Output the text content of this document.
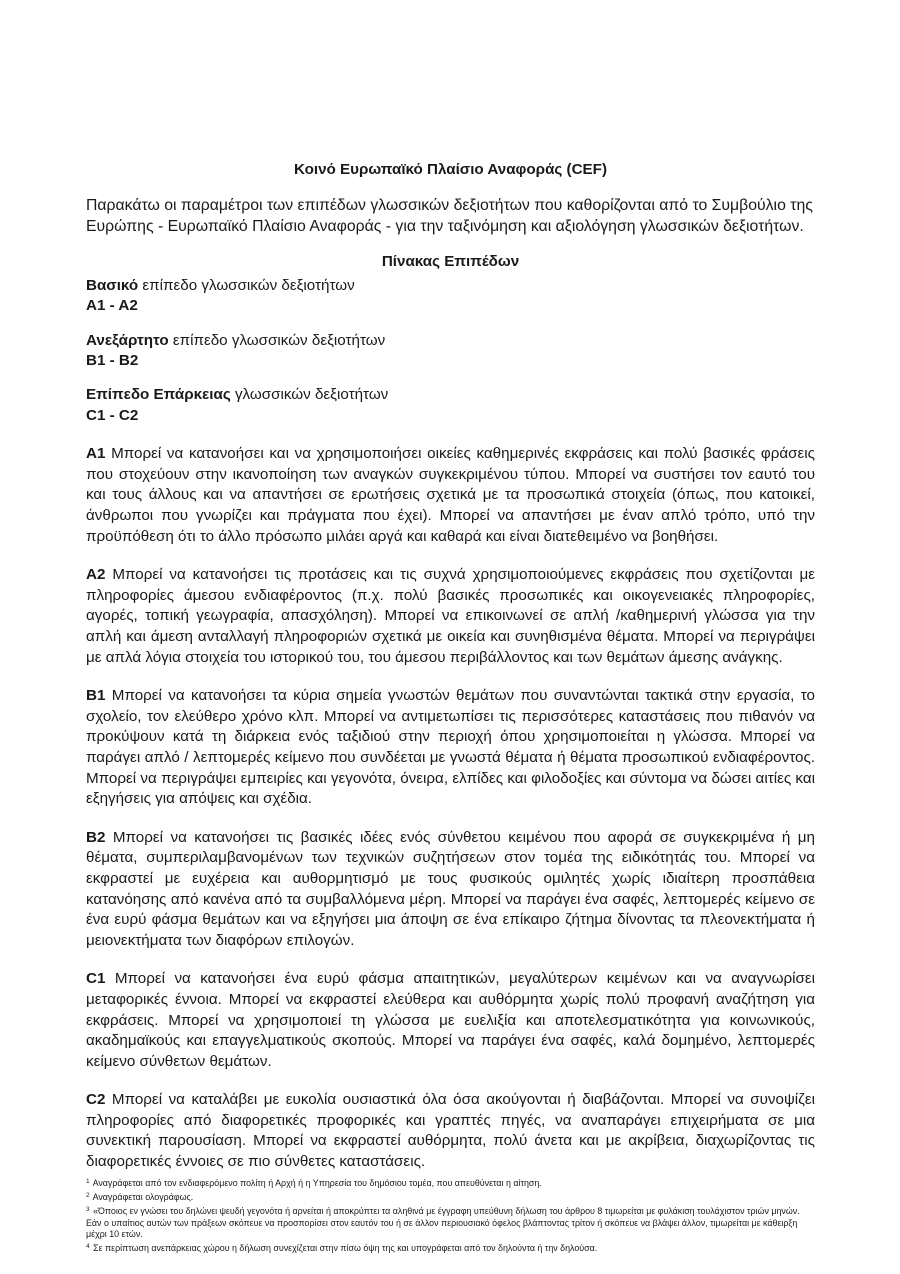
Κοινό Ευρωπαϊκό Πλαίσιο Αναφοράς (CEF)

Παρακάτω οι παραμέτροι των επιπέδων γλωσσικών δεξιοτήτων που καθορίζονται από το Συμβούλιο της Ευρώπης - Ευρωπαϊκό Πλαίσιο Αναφοράς - για την ταξινόμηση και αξιολόγηση γλωσσικών δεξιοτήτων.

Πίνακας Επιπέδων

Βασικό επίπεδο γλωσσικών δεξιοτήτων
A1 - A2
Ανεξάρτητο επίπεδο γλωσσικών δεξιοτήτων
B1 - B2
Επίπεδο Επάρκειας γλωσσικών δεξιοτήτων
C1 - C2

A1 Μπορεί να κατανοήσει και να χρησιμοποιήσει οικείες καθημερινές εκφράσεις και πολύ βασικές φράσεις που στοχεύουν στην ικανοποίηση των αναγκών συγκεκριμένου τύπου. Μπορεί να συστήσει τον εαυτό του και τους άλλους και να απαντήσει σε ερωτήσεις σχετικά με τα προσωπικά στοιχεία (όπως, που κατοικεί, άνθρωποι που γνωρίζει και πράγματα που έχει). Μπορεί να απαντήσει με έναν απλό τρόπο, υπό την προϋπόθεση ότι το άλλο πρόσωπο μιλάει αργά και καθαρά και είναι διατεθειμένο να βοηθήσει.

A2 Μπορεί να κατανοήσει τις προτάσεις και τις συχνά χρησιμοποιούμενες εκφράσεις που σχετίζονται με πληροφορίες άμεσου ενδιαφέροντος (π.χ. πολύ βασικές προσωπικές και οικογενειακές πληροφορίες, αγορές, τοπική γεωγραφία, απασχόληση). Μπορεί να επικοινωνεί σε απλή /καθημερινή γλώσσα για την απλή και άμεση ανταλλαγή πληροφοριών σχετικά με οικεία και συνηθισμένα θέματα. Μπορεί να περιγράψει με απλά λόγια στοιχεία του ιστορικού του, του άμεσου περιβάλλοντος και των θεμάτων άμεσης ανάγκης.

B1 Μπορεί να κατανοήσει τα κύρια σημεία γνωστών θεμάτων που συναντώνται τακτικά στην εργασία, το σχολείο, τον ελεύθερο χρόνο κλπ. Μπορεί να αντιμετωπίσει τις περισσότερες καταστάσεις που πιθανόν να προκύψουν κατά τη διάρκεια ενός ταξιδιού στην περιοχή όπου χρησιμοποιείται η γλώσσα. Μπορεί να παράγει απλό / λεπτομερές κείμενο που συνδέεται με γνωστά θέματα ή θέματα προσωπικού ενδιαφέροντος. Μπορεί να περιγράψει εμπειρίες και γεγονότα, όνειρα, ελπίδες και φιλοδοξίες και σύντομα να δώσει αιτίες και εξηγήσεις για απόψεις και σχέδια.

B2 Μπορεί να κατανοήσει τις βασικές ιδέες ενός σύνθετου κειμένου που αφορά σε συγκεκριμένα ή μη θέματα, συμπεριλαμβανομένων των τεχνικών συζητήσεων στον τομέα της ειδικότητάς του. Μπορεί να εκφραστεί με ευχέρεια και αυθορμητισμό με τους φυσικούς ομιλητές χωρίς ιδιαίτερη προσπάθεια κατανόησης από κανένα από τα συμβαλλόμενα μέρη. Μπορεί να παράγει ένα σαφές, λεπτομερές κείμενο σε ένα ευρύ φάσμα θεμάτων και να εξηγήσει μια άποψη σε ένα επίκαιρο ζήτημα δίνοντας τα πλεονεκτήματα ή μειονεκτήματα των διαφόρων επιλογών.

C1 Μπορεί να κατανοήσει ένα ευρύ φάσμα απαιτητικών, μεγαλύτερων κειμένων και να αναγνωρίσει μεταφορικές έννοια. Μπορεί να εκφραστεί ελεύθερα και αυθόρμητα χωρίς πολύ προφανή αναζήτηση για εκφράσεις. Μπορεί να χρησιμοποιεί τη γλώσσα με ευελιξία και αποτελεσματικότητα για κοινωνικούς, ακαδημαϊκούς και επαγγελματικούς σκοπούς. Μπορεί να παράγει ένα σαφές, καλά δομημένο, λεπτομερές κείμενο σύνθετων θεμάτων.

C2 Μπορεί να καταλάβει με ευκολία ουσιαστικά όλα όσα ακούγονται ή διαβάζονται. Μπορεί να συνοψίζει πληροφορίες από διαφορετικές προφορικές και γραπτές πηγές, να αναπαράγει επιχειρήματα σε μια συνεκτική παρουσίαση. Μπορεί να εκφραστεί αυθόρμητα, πολύ άνετα και με ακρίβεια, διαχωρίζοντας τις διαφορετικές έννοιες σε πιο σύνθετες καταστάσεις.

$^1$ Αναγράφεται από τον ενδιαφερόμενο πολίτη ή Αρχή ή η Υπηρεσία του δημόσιου τομέα, που απευθύνεται η αίτηση.

$^2$ Αναγράφεται ολογράφως.

$^3$ «Όποιος εν γνώσει του δηλώνει ψευδή γεγονότα ή αρνείται ή αποκρύπτει τα αληθινά με έγγραφη υπεύθυνη δήλωση του άρθρου 8 τιμωρείται με φυλάκιση τουλάχιστον τριών μηνών. Εάν ο υπαίτιος αυτών των πράξεων σκόπευε να προσπορίσει στον εαυτόν του ή σε άλλον περιουσιακό όφελος βλάπτοντας τρίτον ή σκόπευε να βλάψει άλλον, τιμωρείται με κάθειρξη μέχρι 10 ετών.

$^4$ Σε περίπτωση ανεπάρκειας χώρου η δήλωση συνεχίζεται στην πίσω όψη της και υπογράφεται από τον δηλούντα ή την δηλούσα.
